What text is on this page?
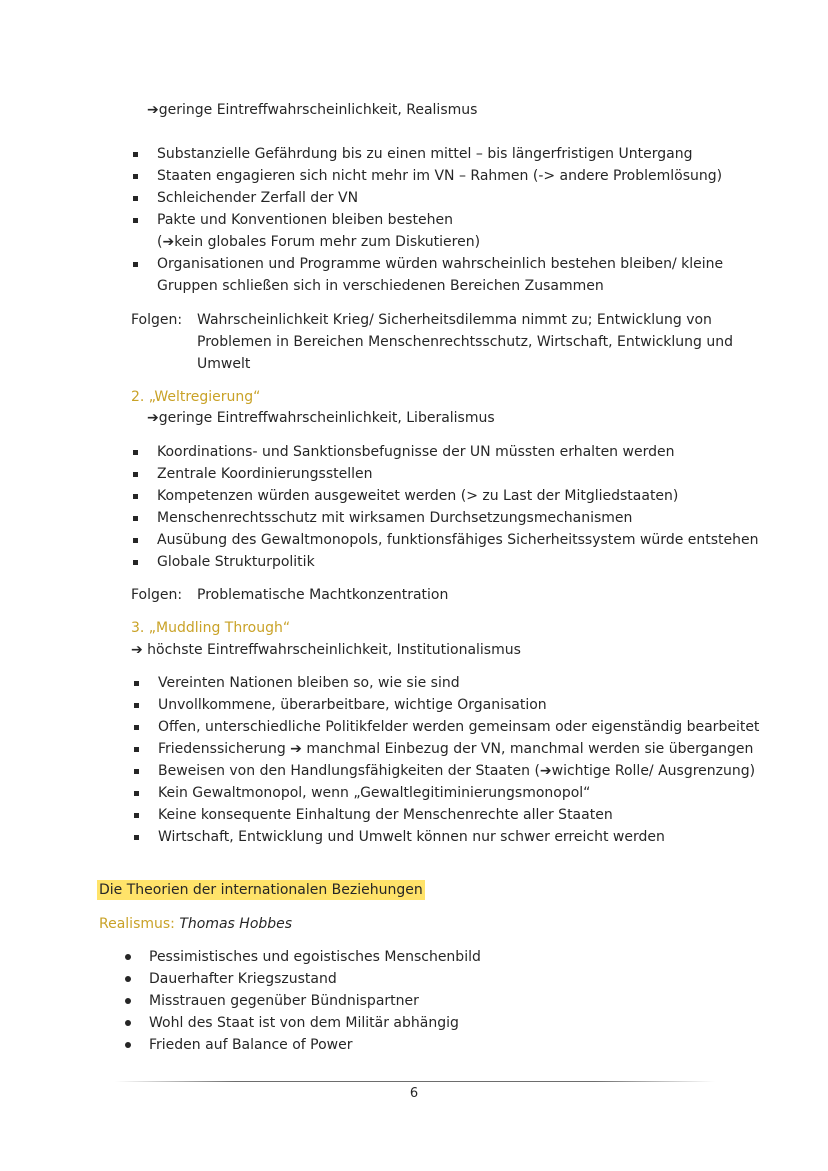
➔geringe Eintreffwahrscheinlichkeit, Realismus
Substanzielle Gefährdung bis zu einen mittel – bis längerfristigen Untergang
Staaten engagieren sich nicht mehr im VN – Rahmen (-> andere Problemlösung)
Schleichender Zerfall der VN
Pakte und Konventionen bleiben bestehen
(➔kein globales Forum mehr zum Diskutieren)
Organisationen und Programme würden wahrscheinlich bestehen bleiben/ kleine
Gruppen schließen sich in verschiedenen Bereichen Zusammen
Folgen: Wahrscheinlichkeit Krieg/ Sicherheitsdilemma nimmt zu; Entwicklung von
Problemen in Bereichen Menschenrechtsschutz, Wirtschaft, Entwicklung und
Umwelt
2. „Weltregierung“
➔geringe Eintreffwahrscheinlichkeit, Liberalismus
Koordinations- und Sanktionsbefugnisse der UN müssten erhalten werden
Zentrale Koordinierungsstellen
Kompetenzen würden ausgeweitet werden (> zu Last der Mitgliedstaaten)
Menschenrechtsschutz mit wirksamen Durchsetzungsmechanismen
Ausübung des Gewaltmonopols, funktionsfähiges Sicherheitssystem würde entstehen
Globale Strukturpolitik
Folgen: Problematische Machtkonzentration
3. „Muddling Through“
➔ höchste Eintreffwahrscheinlichkeit, Institutionalismus
Vereinten Nationen bleiben so, wie sie sind
Unvollkommene, überarbeitbare, wichtige Organisation
Offen, unterschiedliche Politikfelder werden gemeinsam oder eigenständig bearbeitet
Friedenssicherung ➔ manchmal Einbezug der VN, manchmal werden sie übergangen
Beweisen von den Handlungsfähigkeiten der Staaten (➔wichtige Rolle/ Ausgrenzung)
Kein Gewaltmonopol, wenn „Gewaltlegitiminierungsmonopol“
Keine konsequente Einhaltung der Menschenrechte aller Staaten
Wirtschaft, Entwicklung und Umwelt können nur schwer erreicht werden
Die Theorien der internationalen Beziehungen
Realismus: Thomas Hobbes
Pessimistisches und egoistisches Menschenbild
Dauerhafter Kriegszustand
Misstrauen gegenüber Bündnispartner
Wohl des Staat ist von dem Militär abhängig
Frieden auf Balance of Power
6
